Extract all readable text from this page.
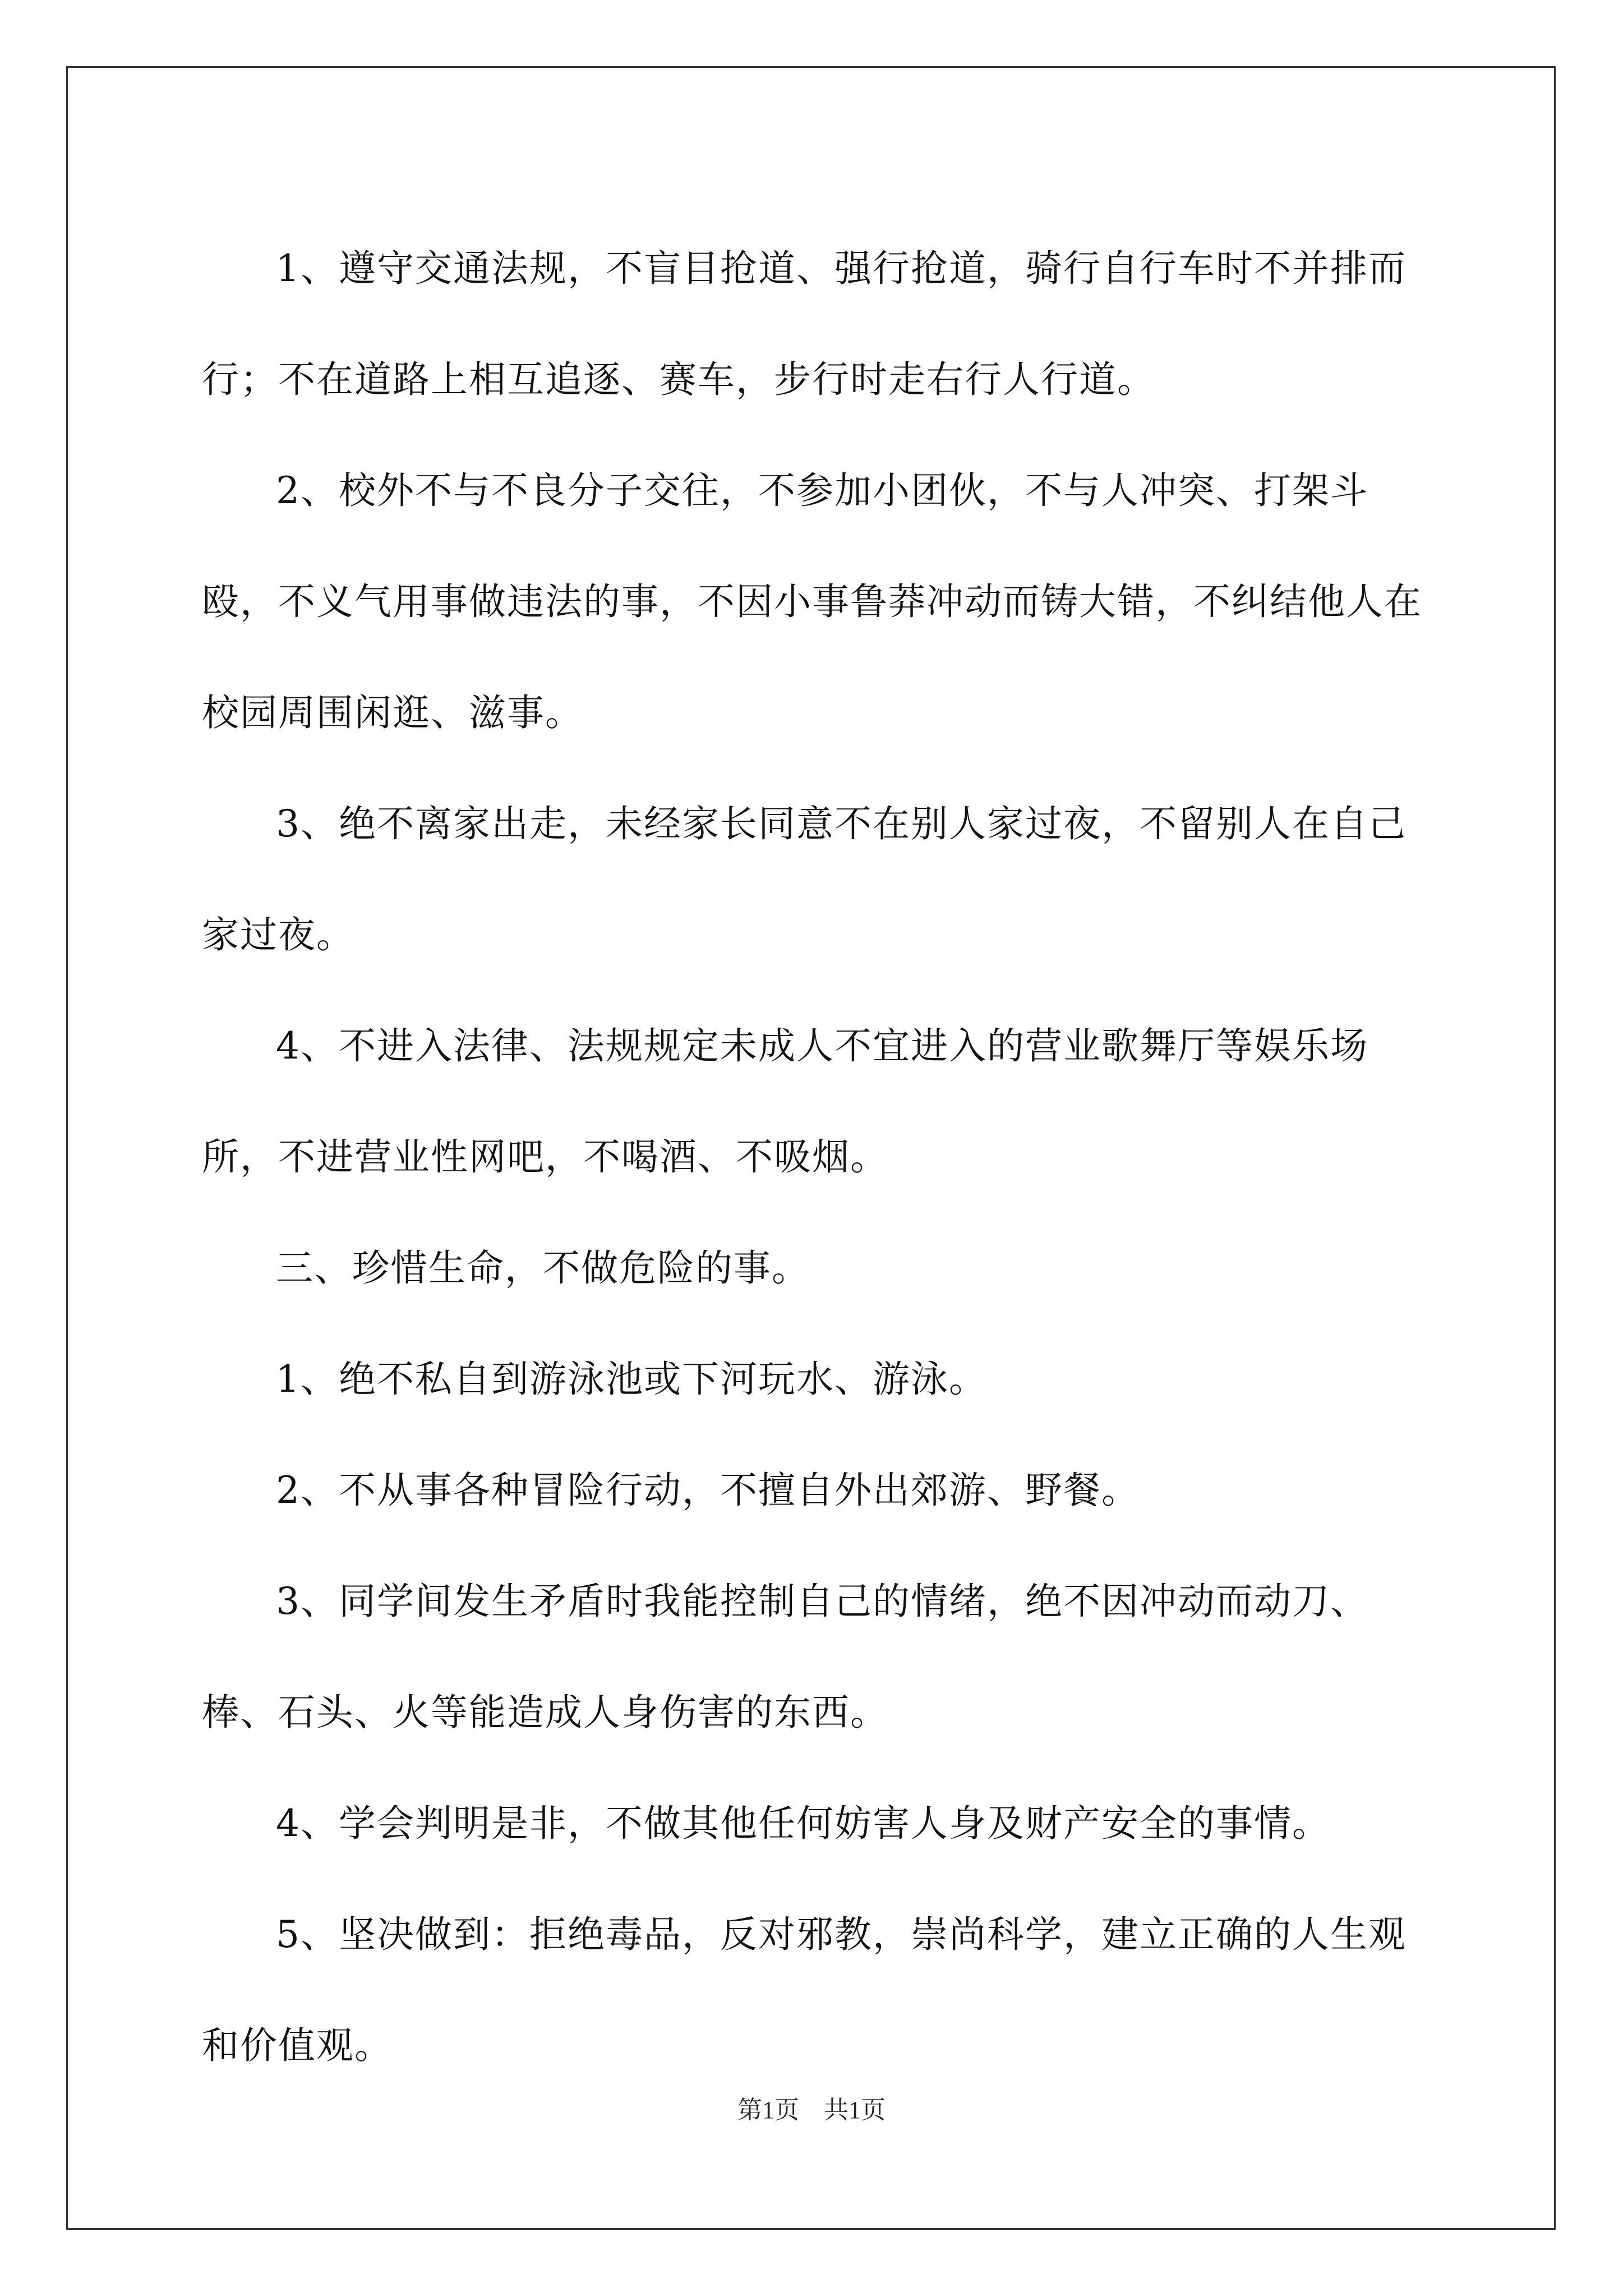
1、遵守交通法规，不盲目抢道、强行抢道，骑行自行车时不并排而行；不在道路上相互追逐、赛车，步行时走右行人行道。

2、校外不与不良分子交往，不参加小团伙，不与人冲突、打架斗殴，不义气用事做违法的事，不因小事鲁莽冲动而铸大错，不纠结他人在校园周围闲逛、滋事。

3、绝不离家出走，未经家长同意不在别人家过夜，不留别人在自己家过夜。

4、不进入法律、法规规定未成人不宜进入的营业歌舞厅等娱乐场所，不进营业性网吧，不喝酒、不吸烟。

三、珍惜生命，不做危险的事。

1、绝不私自到游泳池或下河玩水、游泳。

2、不从事各种冒险行动，不擅自外出郊游、野餐。

3、同学间发生矛盾时我能控制自己的情绪，绝不因冲动而动刀、棒、石头、火等能造成人身伤害的东西。

4、学会判明是非，不做其他任何妨害人身及财产安全的事情。

5、坚决做到：拒绝毒品，反对邪教，崇尚科学，建立正确的人生观和价值观。

第1页 共1页
